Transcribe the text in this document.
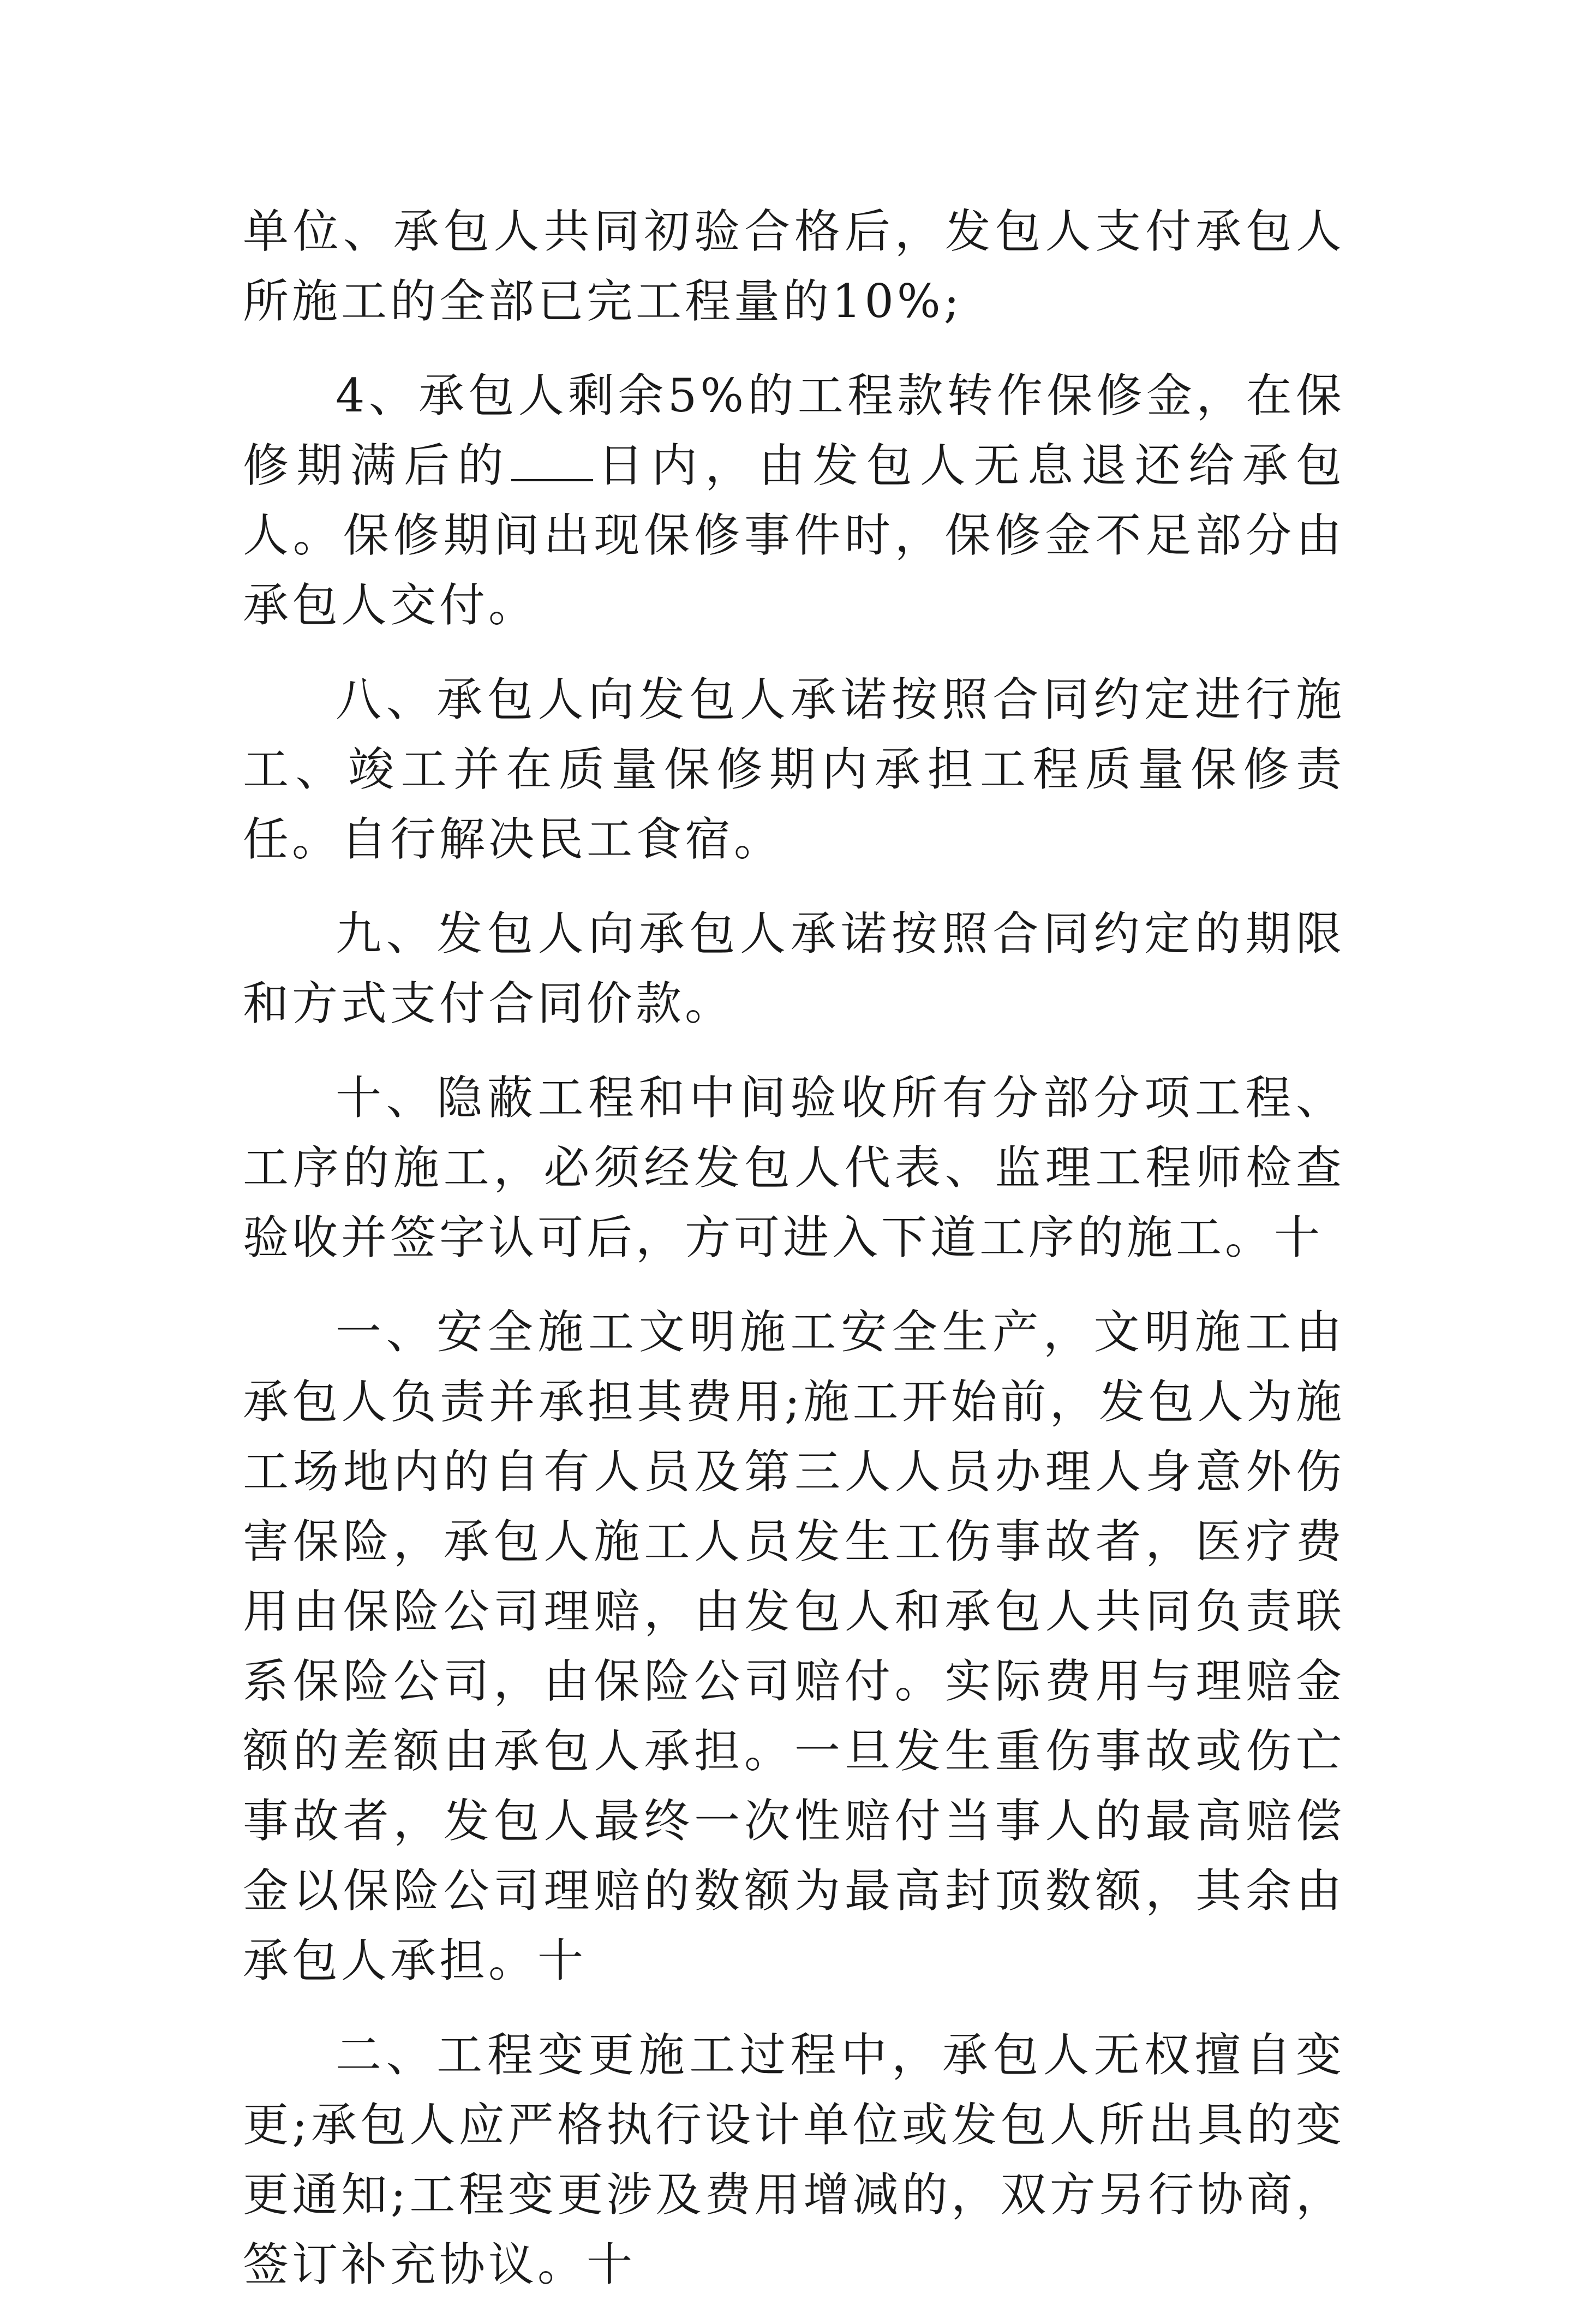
单位、承包人共同初验合格后，发包人支付承包人所施工的全部已完工程量的10%;

4、承包人剩余5%的工程款转作保修金，在保修期满后的 日内，由发包人无息退还给承包人。保修期间出现保修事件时，保修金不足部分由承包人交付。

八、承包人向发包人承诺按照合同约定进行施工、竣工并在质量保修期内承担工程质量保修责任。自行解决民工食宿。

九、发包人向承包人承诺按照合同约定的期限和方式支付合同价款。

十、隐蔽工程和中间验收所有分部分项工程、工序的施工，必须经发包人代表、监理工程师检查验收并签字认可后，方可进入下道工序的施工。十

一、安全施工文明施工安全生产，文明施工由承包人负责并承担其费用;施工开始前，发包人为施工场地内的自有人员及第三人人员办理人身意外伤害保险，承包人施工人员发生工伤事故者，医疗费用由保险公司理赔，由发包人和承包人共同负责联系保险公司，由保险公司赔付。实际费用与理赔金额的差额由承包人承担。一旦发生重伤事故或伤亡事故者，发包人最终一次性赔付当事人的最高赔偿金以保险公司理赔的数额为最高封顶数额，其余由承包人承担。十

二、工程变更施工过程中，承包人无权擅自变更;承包人应严格执行设计单位或发包人所出具的变更通知;工程变更涉及费用增减的，双方另行协商，签订补充协议。十
